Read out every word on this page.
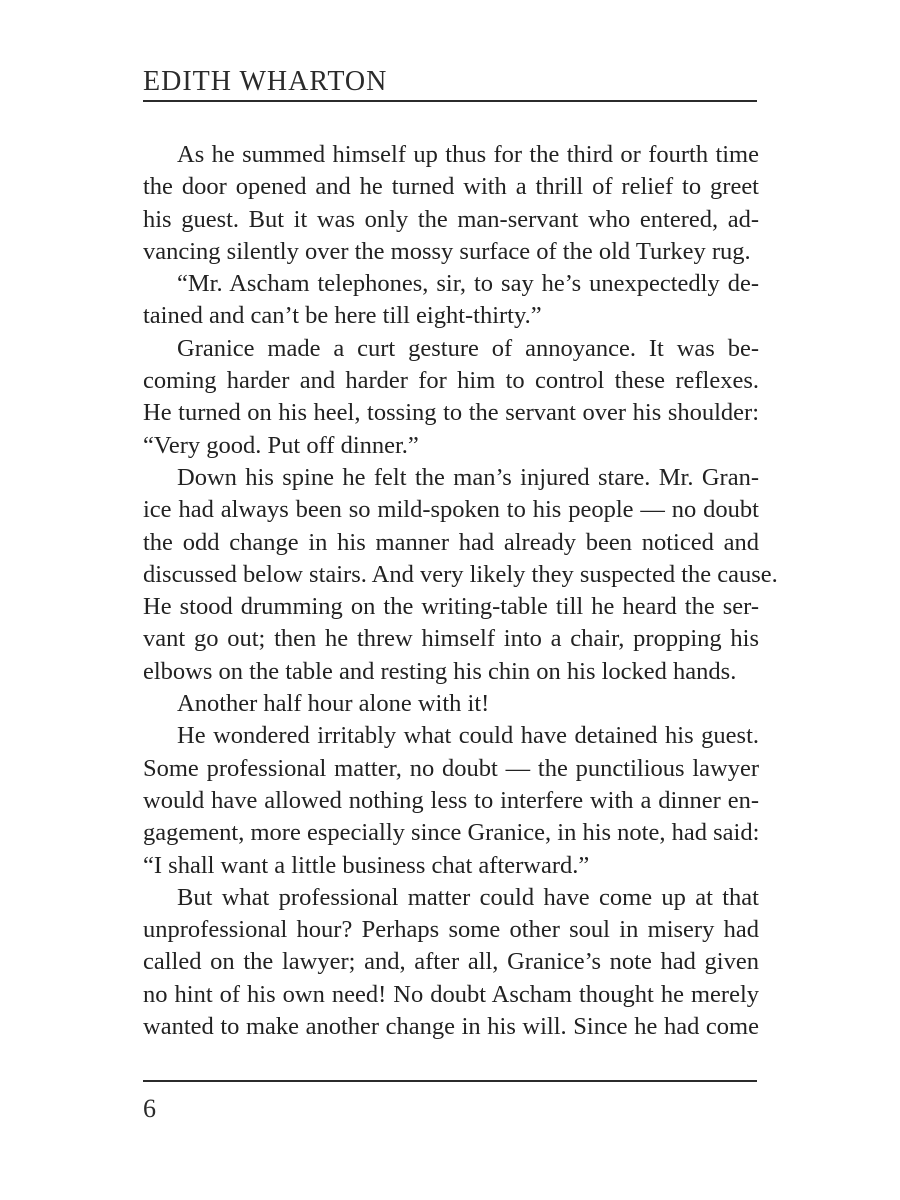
EDITH WHARTON
As he summed himself up thus for the third or fourth time
the door opened and he turned with a thrill of relief to greet
his guest. But it was only the man-servant who entered, ad-
vancing silently over the mossy surface of the old Turkey rug.
“Mr. Ascham telephones, sir, to say he’s unexpectedly de-
tained and can’t be here till eight-thirty.”
Granice made a curt gesture of annoyance. It was be-
coming harder and harder for him to control these reflexes.
He turned on his heel, tossing to the servant over his shoulder:
“Very good. Put off dinner.”
Down his spine he felt the man’s injured stare. Mr. Gran-
ice had always been so mild-spoken to his people — no doubt
the odd change in his manner had already been noticed and
discussed below stairs. And very likely they suspected the cause.
He stood drumming on the writing-table till he heard the ser-
vant go out; then he threw himself into a chair, propping his
elbows on the table and resting his chin on his locked hands.
Another half hour alone with it!
He wondered irritably what could have detained his guest.
Some professional matter, no doubt — the punctilious lawyer
would have allowed nothing less to interfere with a dinner en-
gagement, more especially since Granice, in his note, had said:
“I shall want a little business chat afterward.”
But what professional matter could have come up at that
unprofessional hour? Perhaps some other soul in misery had
called on the lawyer; and, after all, Granice’s note had given
no hint of his own need! No doubt Ascham thought he merely
wanted to make another change in his will. Since he had come
6
